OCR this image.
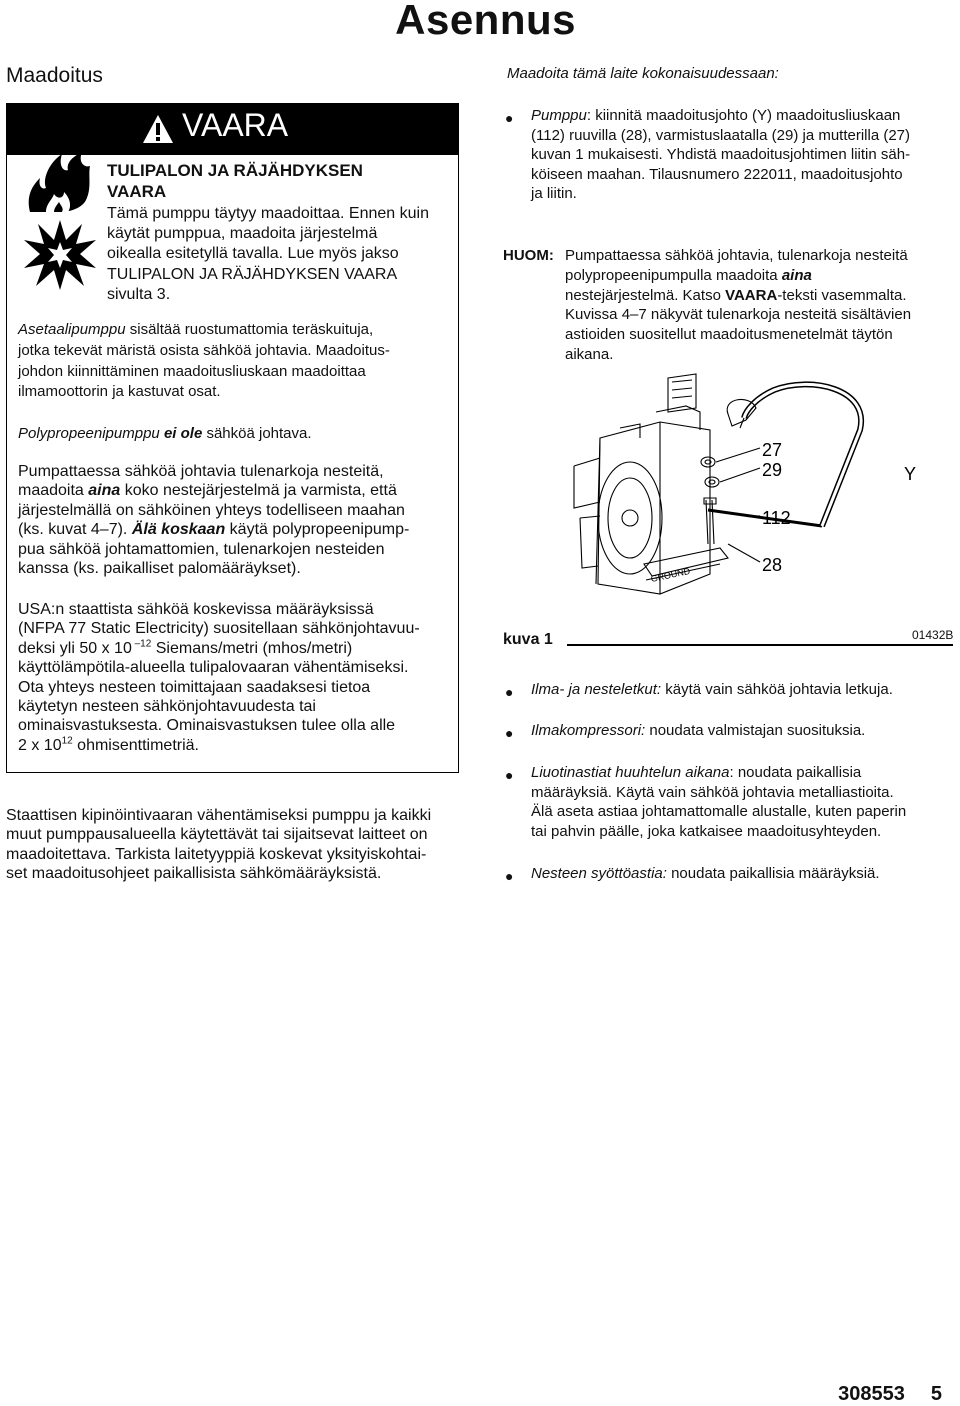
Asennus
Maadoitus
VAARA
TULIPALON JA RÄJÄHDYKSEN
VAARA
Tämä pumppu täytyy maadoittaa. Ennen kuin
käytät pumppua, maadoita järjestelmä
oikealla esitetyllä tavalla. Lue myös jakso
TULIPALON JA RÄJÄHDYKSEN VAARA
sivulta 3.
Asetaalipumppu sisältää ruostumattomia teräskuituja,
jotka tekevät märistä osista sähköä johtavia. Maadoitus-
johdon kiinnittäminen maadoitusliuskaan maadoittaa
ilmamoottorin ja kastuvat osat.
Polypropeenipumppu ei ole sähköä johtava.
Pumpattaessa sähköä johtavia tulenarkoja nesteitä,
maadoita aina koko nestejärjestelmä ja varmista, että
järjestelmällä on sähköinen yhteys todelliseen maahan
(ks. kuvat 4–7). Älä koskaan käytä polypropeenipump-
pua sähköä johtamattomien, tulenarkojen nesteiden
kanssa (ks. paikalliset palomääräykset).
USA:n staattista sähköä koskevissa määräyksissä
(NFPA 77 Static Electricity) suositellaan sähkönjohtavuu-
deksi yli 50 x 10 $^{-12}$ Siemans/metri (mhos/metri)
käyttölämpötila-alueella tulipalovaaran vähentämiseksi.
Ota yhteys nesteen toimittajaan saadaksesi tietoa
käytetyn nesteen sähkönjohtavuudesta tai
ominaisvastuksesta. Ominaisvastuksen tulee olla alle
2 x $10^{12}$ ohmisenttimetriä.
Staattisen kipinöintivaaran vähentämiseksi pumppu ja kaikki
muut pumppausalueella käytettävät tai sijaitsevat laitteet on
maadoitettava. Tarkista laitetyyppiä koskevat yksityiskohtai-
set maadoitusohjeet paikallisista sähkömääräyksistä.
Maadoita tämä laite kokonaisuudessaan:
● Pumppu: kiinnitä maadoitusjohto (Y) maadoitusliuskaan
(112) ruuvilla (28), varmistuslaatalla (29) ja mutterilla (27)
kuvan 1 mukaisesti. Yhdistä maadoitusjohtimen liitin säh-
köiseen maahan. Tilausnumero 222011, maadoitusjohto
ja liitin.
HUOM: Pumpattaessa sähköä johtavia, tulenarkoja nesteitä
polypropeenipumpulla maadoita aina
nestejärjestelmä. Katso VAARA-teksti vasemmalta.
Kuvissa 4–7 näkyvät tulenarkoja nesteitä sisältävien
astioiden suositellut maadoitusmenetelmät täytön
aikana.
GROUND
27
29
112
28
Y
kuva 1	01432B
● Ilma- ja nesteletkut: käytä vain sähköä johtavia letkuja.
● Ilmakompressori: noudata valmistajan suosituksia.
● Liuotinastiat huuhtelun aikana: noudata paikallisia
määräyksiä. Käytä vain sähköä johtavia metalliastioita.
Älä aseta astiaa johtamattomalle alustalle, kuten paperin
tai pahvin päälle, joka katkaisee maadoitusyhteyden.
● Nesteen syöttöastia: noudata paikallisia määräyksiä.
308553 5
